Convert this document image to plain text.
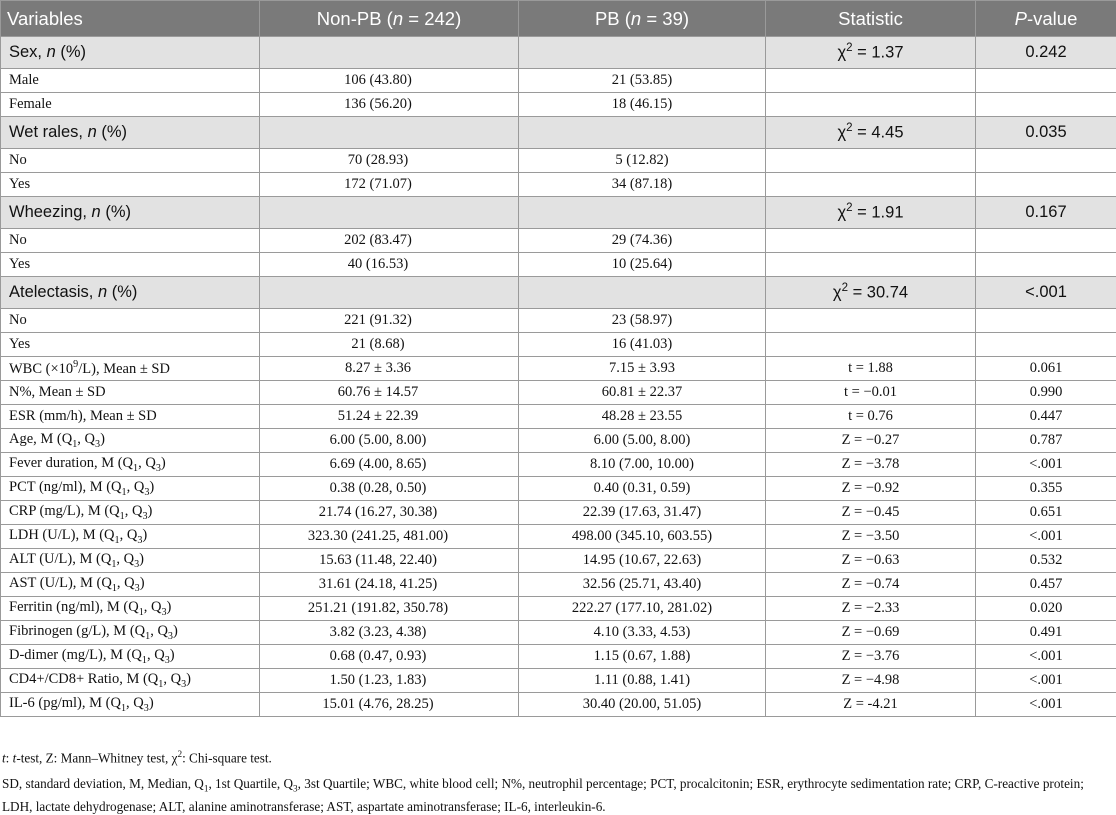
Variables	Non-PB (n = 242)	PB (n = 39)	Statistic	P-value
Sex, n (%)			$\chi^2 = 1.37$	0.242
Male	106 (43.80)	21 (53.85)		
Female	136 (56.20)	18 (46.15)		
Wet rales, n (%)			$\chi^2 = 4.45$	0.035
No	70 (28.93)	5 (12.82)		
Yes	172 (71.07)	34 (87.18)		
Wheezing, n (%)			$\chi^2 = 1.91$	0.167
No	202 (83.47)	29 (74.36)		
Yes	40 (16.53)	10 (25.64)		
Atelectasis, n (%)			$\chi^2 = 30.74$	<.001
No	221 (91.32)	23 (58.97)		
Yes	21 (8.68)	16 (41.03)		
WBC $(\times 10^9/L)$, Mean ± SD	8.27 ± 3.36	7.15 ± 3.93	t = 1.88	0.061
N%, Mean ± SD	60.76 ± 14.57	60.81 ± 22.37	t = −0.01	0.990
ESR (mm/h), Mean ± SD	51.24 ± 22.39	48.28 ± 23.55	t = 0.76	0.447
Age, M ($Q_1$, $Q_3$)	6.00 (5.00, 8.00)	6.00 (5.00, 8.00)	Z = −0.27	0.787
Fever duration, M ($Q_1$, $Q_3$)	6.69 (4.00, 8.65)	8.10 (7.00, 10.00)	Z = −3.78	<.001
PCT (ng/ml), M ($Q_1$, $Q_3$)	0.38 (0.28, 0.50)	0.40 (0.31, 0.59)	Z = −0.92	0.355
CRP (mg/L), M ($Q_1$, $Q_3$)	21.74 (16.27, 30.38)	22.39 (17.63, 31.47)	Z = −0.45	0.651
LDH (U/L), M ($Q_1$, $Q_3$)	323.30 (241.25, 481.00)	498.00 (345.10, 603.55)	Z = −3.50	<.001
ALT (U/L), M ($Q_1$, $Q_3$)	15.63 (11.48, 22.40)	14.95 (10.67, 22.63)	Z = −0.63	0.532
AST (U/L), M ($Q_1$, $Q_3$)	31.61 (24.18, 41.25)	32.56 (25.71, 43.40)	Z = −0.74	0.457
Ferritin (ng/ml), M ($Q_1$, $Q_3$)	251.21 (191.82, 350.78)	222.27 (177.10, 281.02)	Z = −2.33	0.020
Fibrinogen (g/L), M ($Q_1$, $Q_3$)	3.82 (3.23, 4.38)	4.10 (3.33, 4.53)	Z = −0.69	0.491
D-dimer (mg/L), M ($Q_1$, $Q_3$)	0.68 (0.47, 0.93)	1.15 (0.67, 1.88)	Z = −3.76	<.001
CD4+/CD8+ Ratio, M ($Q_1$, $Q_3$)	1.50 (1.23, 1.83)	1.11 (0.88, 1.41)	Z = −4.98	<.001
IL-6 (pg/ml), M ($Q_1$, $Q_3$)	15.01 (4.76, 28.25)	30.40 (20.00, 51.05)	Z = -4.21	<.001

t: t-test, Z: Mann–Whitney test, $\chi^2$: Chi-square test.

SD, standard deviation, M, Median, $Q_1$, 1st Quartile, $Q_3$, 3st Quartile; WBC, white blood cell; N%, neutrophil percentage; PCT, procalcitonin; ESR, erythrocyte sedimentation rate; CRP, C-reactive protein; LDH, lactate dehydrogenase; ALT, alanine aminotransferase; AST, aspartate aminotransferase; IL-6, interleukin-6.
